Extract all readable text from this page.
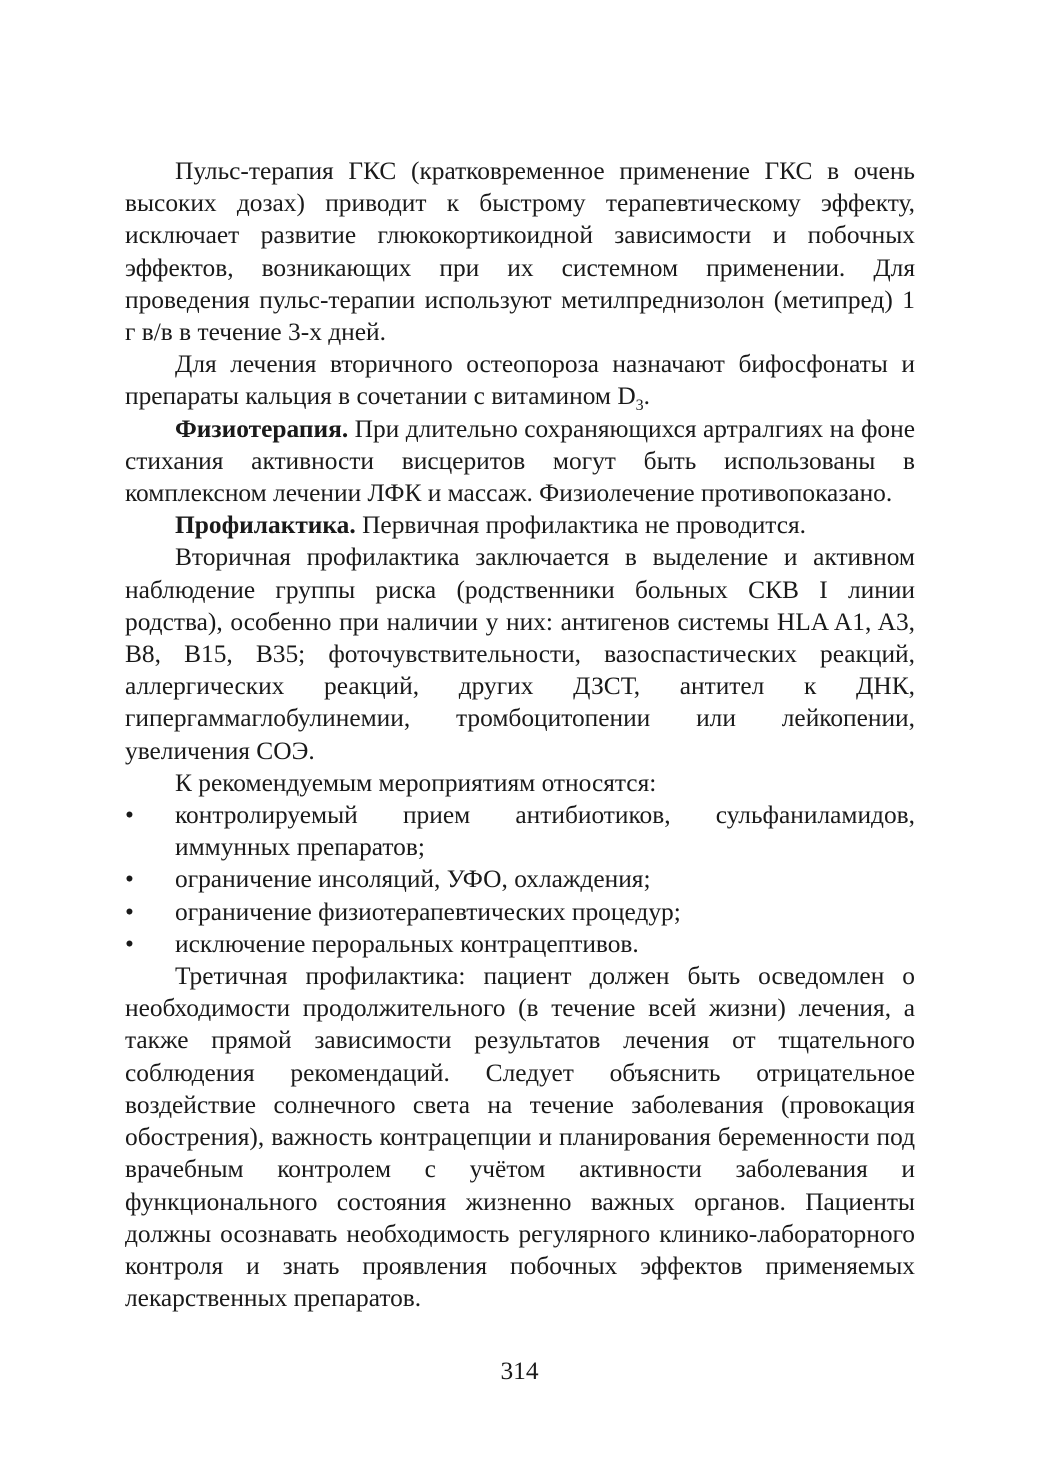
Пульс-терапия ГКС (кратковременное применение ГКС в очень высоких дозах) приводит к быстрому терапевтическому эффекту, исключает развитие глюкокортикоидной зависимости и побочных эффектов, возникающих при их системном применении. Для проведения пульс-терапии используют метилпреднизолон (метипред) 1 г в/в в течение 3-х дней.

Для лечения вторичного остеопороза назначают бифосфонаты и препараты кальция в сочетании с витамином $D_3$.

Физиотерапия. При длительно сохраняющихся артралгиях на фоне стихания активности висцеритов могут быть использованы в комплексном лечении ЛФК и массаж. Физиолечение противопоказано.

Профилактика. Первичная профилактика не проводится.

Вторичная профилактика заключается в выделение и активном наблюдение группы риска (родственники больных СКВ I линии родства), особенно при наличии у них: антигенов системы HLA A1, A3, B8, B15, B35; фоточувствительности, вазоспастических реакций, аллергических реакций, других ДЗСТ, антител к ДНК, гипергаммаглобулинемии, тромбоцитопении или лейкопении, увеличения СОЭ.

К рекомендуемым мероприятиям относятся:

• контролируемый прием антибиотиков, сульфаниламидов, иммунных препаратов;
• ограничение инсоляций, УФО, охлаждения;
• ограничение физиотерапевтических процедур;
• исключение пероральных контрацептивов.

Третичная профилактика: пациент должен быть осведомлен о необходимости продолжительного (в течение всей жизни) лечения, а также прямой зависимости результатов лечения от тщательного соблюдения рекомендаций. Следует объяснить отрицательное воздействие солнечного света на течение заболевания (провокация обострения), важность контрацепции и планирования беременности под врачебным контролем с учётом активности заболевания и функционального состояния жизненно важных органов. Пациенты должны осознавать необходимость регулярного клинико-лабораторного контроля и знать проявления побочных эффектов применяемых лекарственных препаратов.

314
